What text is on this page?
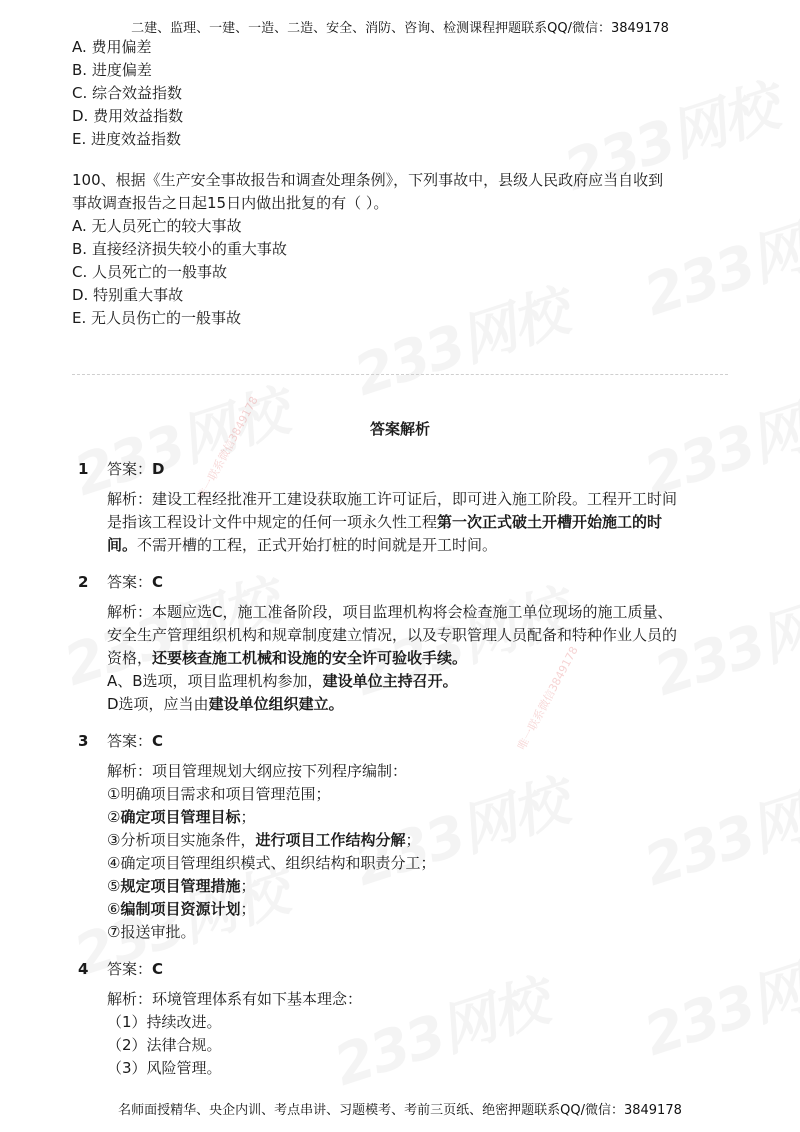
唯一联系微信3849178
唯一联系微信3849178
二建、监理、一建、一造、二造、安全、消防、咨询、检测课程押题联系QQ/微信：3849178
A. 费用偏差
B. 进度偏差
C. 综合效益指数
D. 费用效益指数
E. 进度效益指数
100、根据《生产安全事故报告和调查处理条例》，下列事故中，县级人民政府应当自收到
事故调查报告之日起15日内做出批复的有（ ）。
A. 无人员死亡的较大事故
B. 直接经济损失较小的重大事故
C. 人员死亡的一般事故
D. 特别重大事故
E. 无人员伤亡的一般事故
答案解析
1	答案： D

解析：建设工程经批准开工建设获取施工许可证后，即可进入施工阶段。工程开工时间

是指该工程设计文件中规定的任何一项永久性工程第一次正式破土开槽开始施工的时

间。不需开槽的工程，正式开始打桩的时间就是开工时间。

2	答案： C

解析：本题应选C，施工准备阶段，项目监理机构将会检查施工单位现场的施工质量、

安全生产管理组织机构和规章制度建立情况，以及专职管理人员配备和特种作业人员的

资格，还要核查施工机械和设施的安全许可验收手续。

A、B选项，项目监理机构参加，建设单位主持召开。

D选项，应当由建设单位组织建立。

3	答案： C

解析：项目管理规划大纲应按下列程序编制：

①明确项目需求和项目管理范围；

②确定项目管理目标；

③分析项目实施条件，进行项目工作结构分解；

④确定项目管理组织模式、组织结构和职责分工；

⑤规定项目管理措施；

⑥编制项目资源计划；

⑦报送审批。

4	答案： C

解析：环境管理体系有如下基本理念：

（1）持续改进。

（2）法律合规。

（3）风险管理。

名师面授精华、央企内训、考点串讲、习题模考、考前三页纸、绝密押题联系QQ/微信：3849178
